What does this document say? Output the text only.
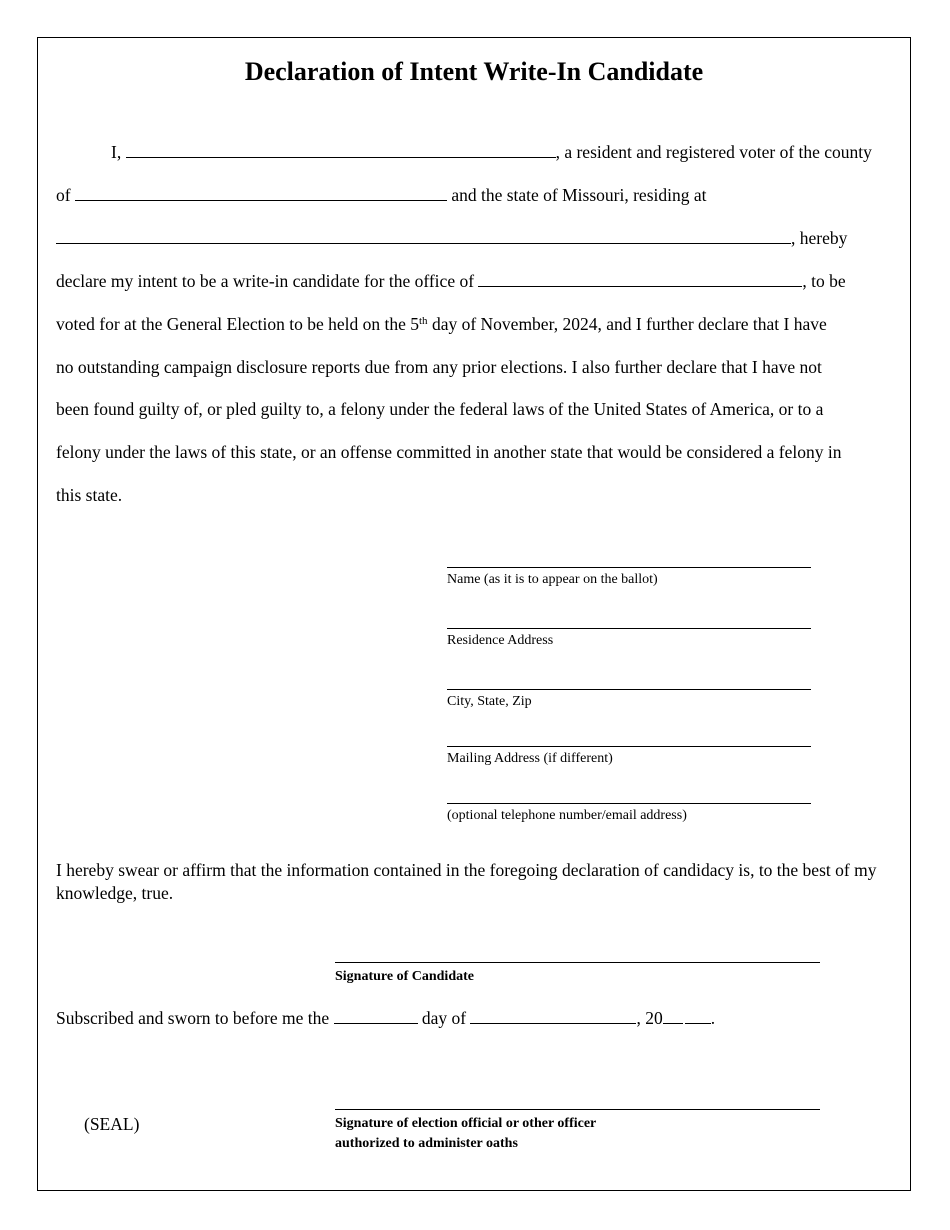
Declaration of Intent Write-In Candidate
I,	, a resident and registered voter of the county
of	and the state of Missouri, residing at
, hereby
declare my intent to be a write-in candidate for the office of	, to be
voted for at the General Election to be held on the 5th day of November, 2024, and I further declare that I have
no outstanding campaign disclosure reports due from any prior elections. I also further declare that I have not
been found guilty of, or pled guilty to, a felony under the federal laws of the United States of America, or to a
felony under the laws of this state, or an offense committed in another state that would be considered a felony in
this state.
Name (as it is to appear on the ballot)
Residence Address
City, State, Zip
Mailing Address (if different)
(optional telephone number/email address)
I hereby swear or affirm that the information contained in the foregoing declaration of candidacy is, to the best of my knowledge, true.
Signature of Candidate
Subscribed and sworn to before me the	day of	, 20	.
(SEAL)	Signature of election official or other officer
authorized to administer oaths
